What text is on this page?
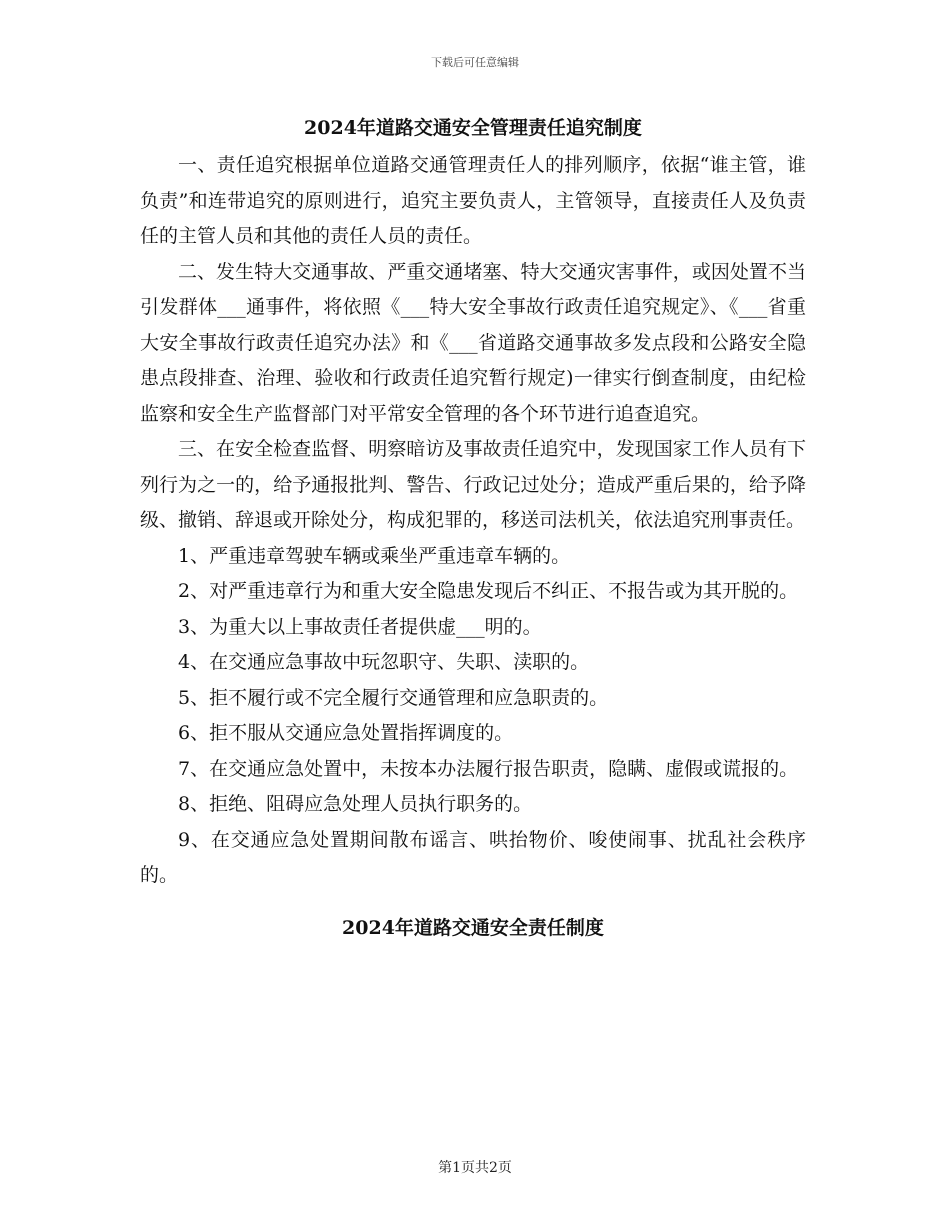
下载后可任意编辑
2024年道路交通安全管理责任追究制度

一、责任追究根据单位道路交通管理责任人的排列顺序，依据“谁主管，谁负责”和连带追究的原则进行，追究主要负责人，主管领导，直接责任人及负责任的主管人员和其他的责任人员的责任。

二、发生特大交通事故、严重交通堵塞、特大交通灾害事件，或因处置不当引发群体___通事件，将依照《___特大安全事故行政责任追究规定》、《___省重大安全事故行政责任追究办法》和《___省道路交通事故多发点段和公路安全隐患点段排查、治理、验收和行政责任追究暂行规定)一律实行倒查制度，由纪检监察和安全生产监督部门对平常安全管理的各个环节进行追查追究。

三、在安全检查监督、明察暗访及事故责任追究中，发现国家工作人员有下列行为之一的，给予通报批判、警告、行政记过处分；造成严重后果的，给予降级、撤销、辞退或开除处分，构成犯罪的，移送司法机关，依法追究刑事责任。

1、严重违章驾驶车辆或乘坐严重违章车辆的。

2、对严重违章行为和重大安全隐患发现后不纠正、不报告或为其开脱的。

3、为重大以上事故责任者提供虚___明的。

4、在交通应急事故中玩忽职守、失职、渎职的。

5、拒不履行或不完全履行交通管理和应急职责的。

6、拒不服从交通应急处置指挥调度的。

7、在交通应急处置中，未按本办法履行报告职责，隐瞒、虚假或谎报的。

8、拒绝、阻碍应急处理人员执行职务的。

9、在交通应急处置期间散布谣言、哄抬物价、唆使闹事、扰乱社会秩序的。

2024年道路交通安全责任制度
第1页共2页
